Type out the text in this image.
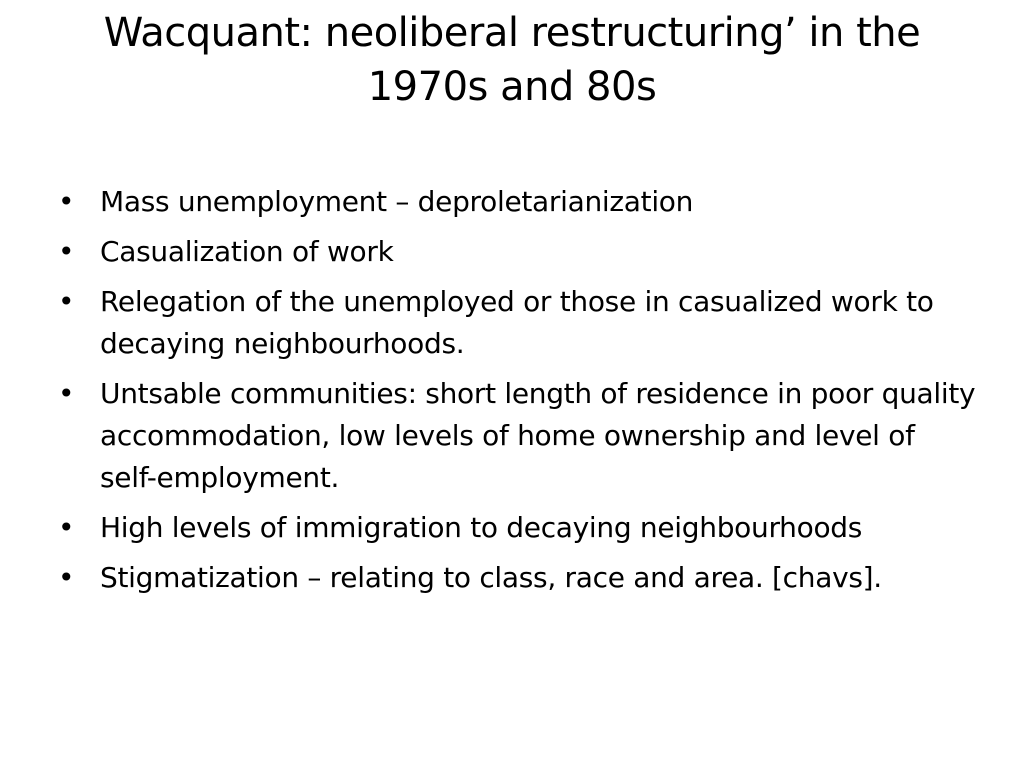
Wacquant: neoliberal restructuring’ in the 1970s and 80s
• Mass unemployment – deproletarianization
• Casualization of work
• Relegation of the unemployed or those in casualized work to decaying neighbourhoods.
• Untsable communities: short length of residence in poor quality accommodation, low levels of home ownership and level of self-employment.
• High levels of immigration to decaying neighbourhoods
• Stigmatization – relating to class, race and area. [chavs].
